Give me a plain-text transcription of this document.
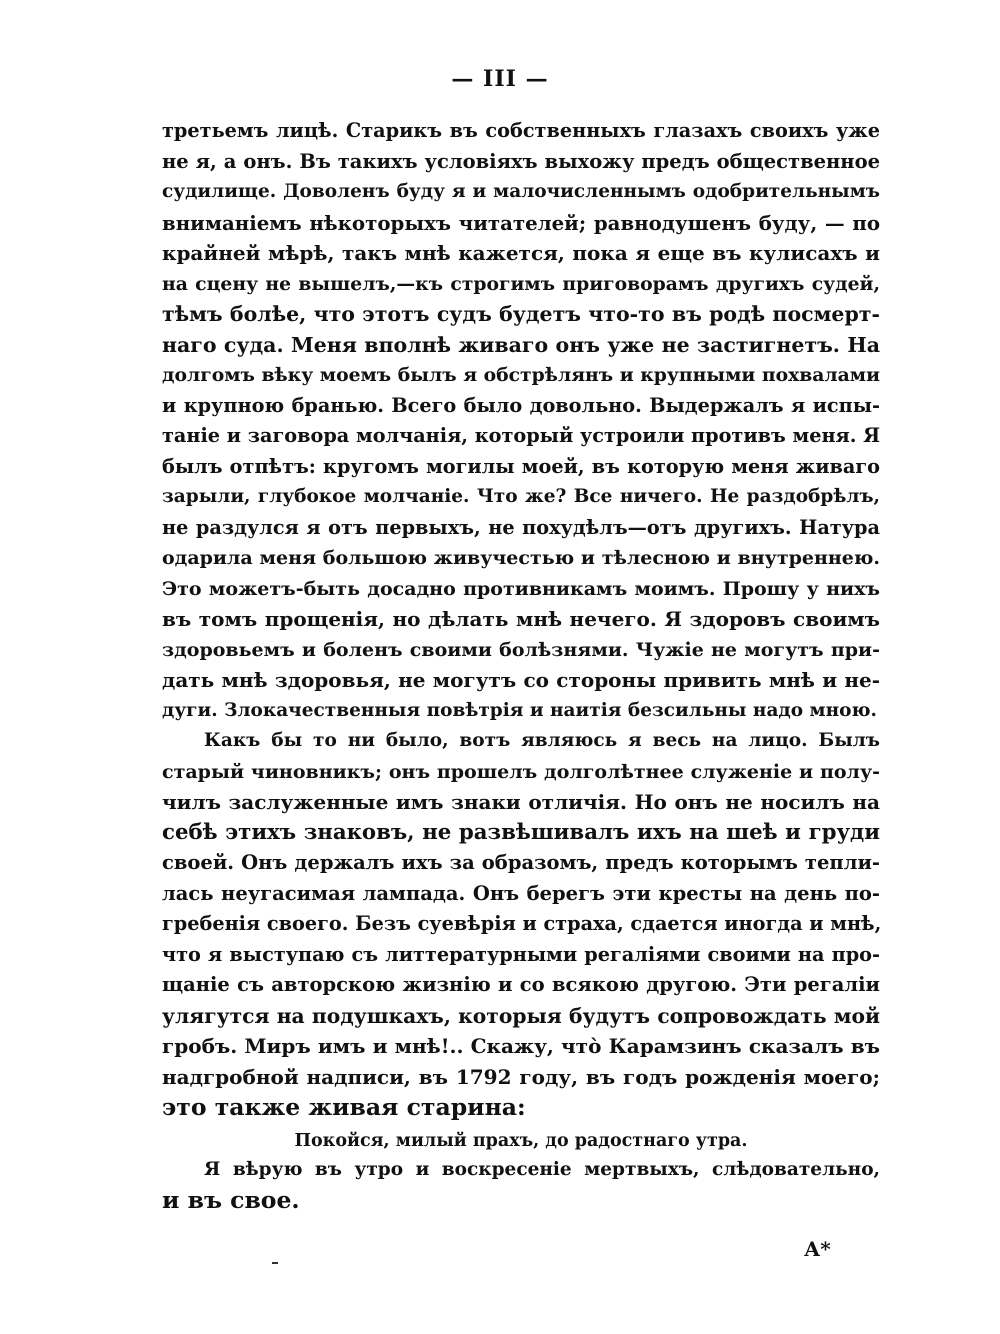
— III —
третьемъ лицѣ. Старикъ въ собственныхъ глазахъ своихъ уже
не я, а онъ. Въ такихъ условіяхъ выхожу предъ общественное
судилище. Доволенъ буду я и малочисленнымъ одобрительнымъ
вниманіемъ нѣкоторыхъ читателей; равнодушенъ буду, — по
крайней мѣрѣ, такъ мнѣ кажется, пока я еще въ кулисахъ и
на сцену не вышелъ,—къ строгимъ приговорамъ другихъ судей,
тѣмъ болѣе, что этотъ судъ будетъ что-то въ родѣ посмерт-
наго суда. Меня вполнѣ живаго онъ уже не застигнетъ. На
долгомъ вѣку моемъ былъ я обстрѣлянъ и крупными похвалами
и крупною бранью. Всего было довольно. Выдержалъ я испы-
таніе и заговора молчанія, который устроили противъ меня. Я
былъ отпѣтъ: кругомъ могилы моей, въ которую меня живаго
зарыли, глубокое молчаніе. Что же? Все ничего. Не раздобрѣлъ,
не раздулся я отъ первыхъ, не похудѣлъ—отъ другихъ. Натура
одарила меня большою живучестью и тѣлесною и внутреннею.
Это можетъ-быть досадно противникамъ моимъ. Прошу у нихъ
въ томъ прощенія, но дѣлать мнѣ нечего. Я здоровъ своимъ
здоровьемъ и боленъ своими болѣзнями. Чужіе не могутъ при-
дать мнѣ здоровья, не могутъ со стороны привить мнѣ и не-
дуги. Злокачественныя повѣтрія и наитія безсильны надо мною.
Какъ бы то ни было, вотъ являюсь я весь на лицо. Былъ
старый чиновникъ; онъ прошелъ долголѣтнее служеніе и полу-
чилъ заслуженные имъ знаки отличія. Но онъ не носилъ на
себѣ этихъ знаковъ, не развѣшивалъ ихъ на шеѣ и груди
своей. Онъ держалъ ихъ за образомъ, предъ которымъ тепли-
лась неугасимая лампада. Онъ берегъ эти кресты на день по-
гребенія своего. Безъ суевѣрія и страха, сдается иногда и мнѣ,
что я выступаю съ литтературными регаліями своими на про-
щаніе съ авторскою жизнію и со всякою другою. Эти регаліи
улягутся на подушкахъ, которыя будутъ сопровождать мой
гробъ. Миръ имъ и мнѣ!.. Скажу, что̀ Карамзинъ сказалъ въ
надгробной надписи, въ 1792 году, въ годъ рожденія моего;
это также живая старина:
Покойся, милый прахъ, до радостнаго утра.
Я вѣрую въ утро и воскресеніе мертвыхъ, слѣдовательно,
и въ свое.
А*
